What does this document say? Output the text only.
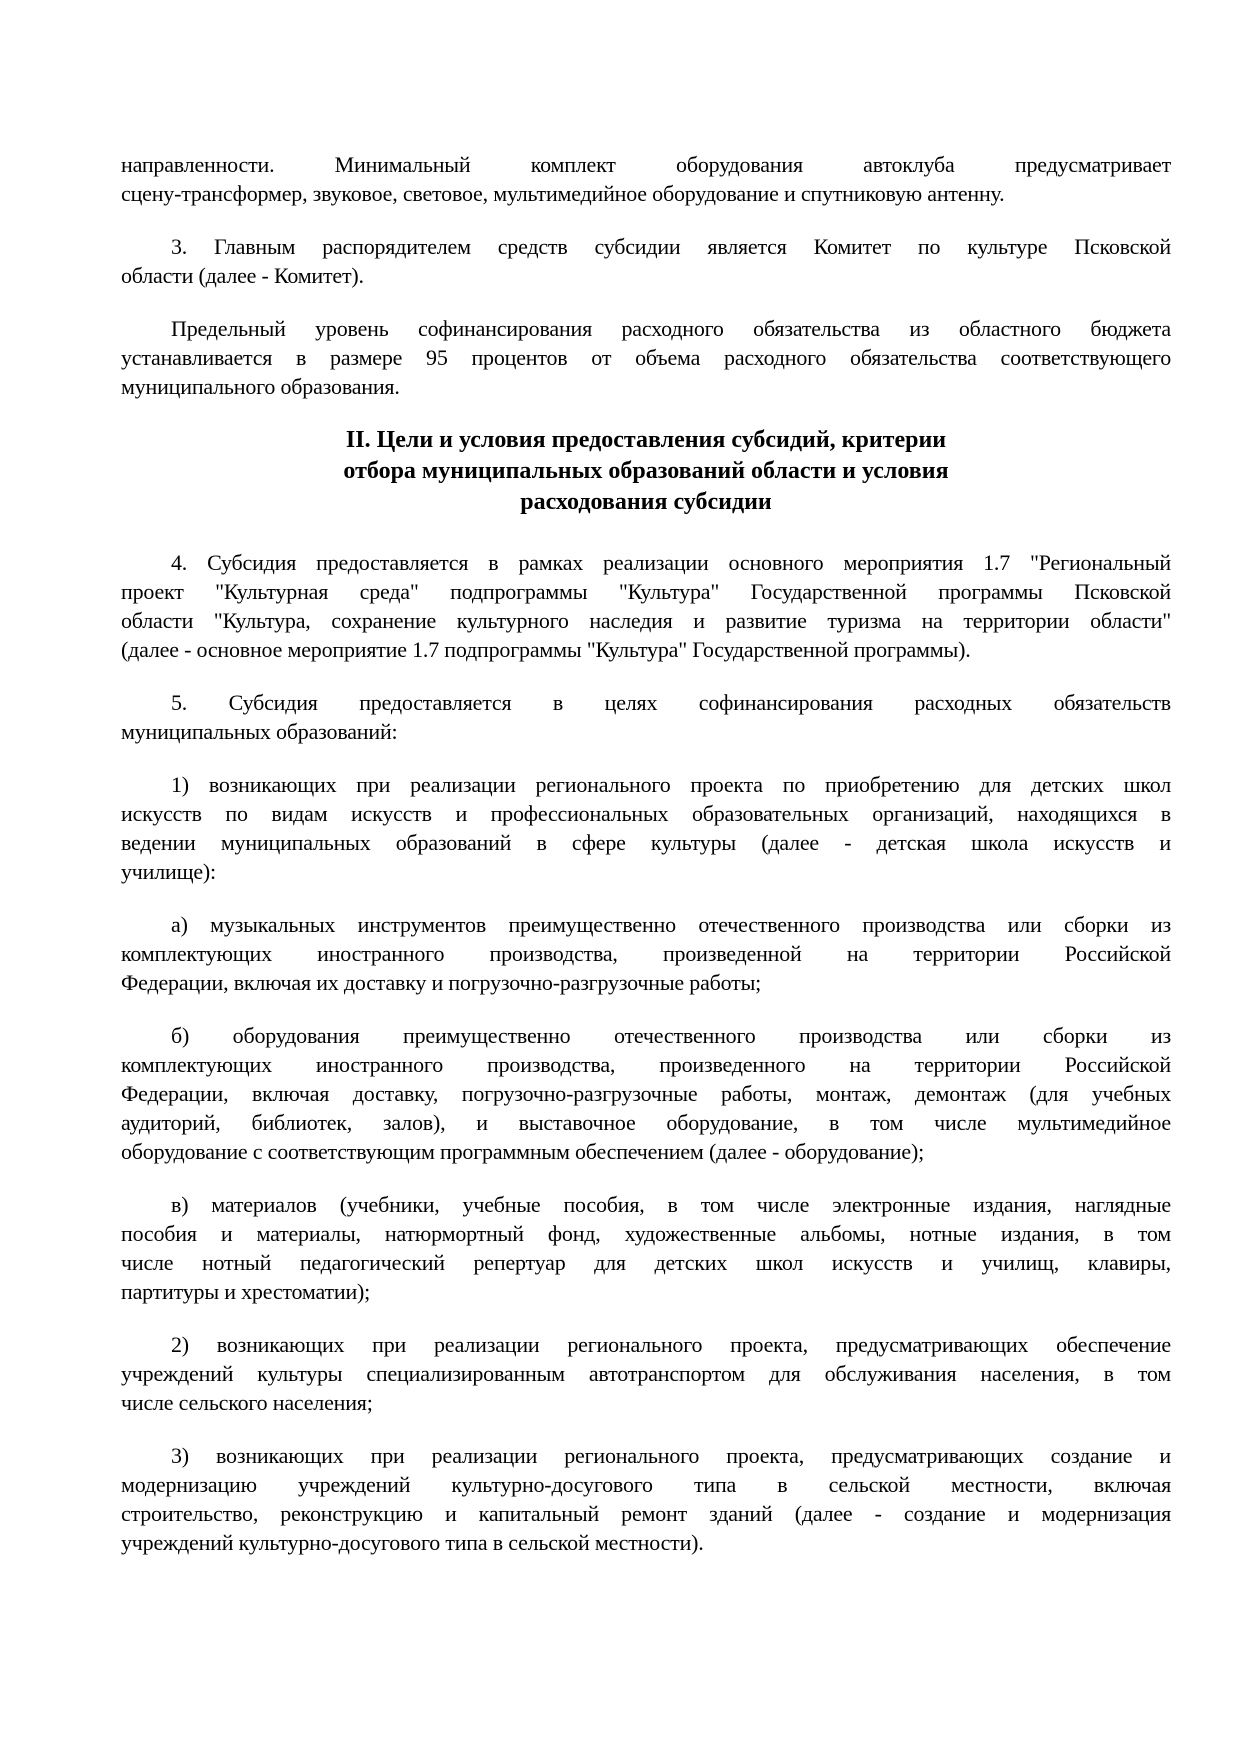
направленности. Минимальный комплект оборудования автоклуба предусматривает
сцену-трансформер, звуковое, световое, мультимедийное оборудование и спутниковую антенну.
3. Главным распорядителем средств субсидии является Комитет по культуре Псковской
области (далее - Комитет).
Предельный уровень софинансирования расходного обязательства из областного бюджета
устанавливается в размере 95 процентов от объема расходного обязательства соответствующего
муниципального образования.
II. Цели и условия предоставления субсидий, критерии
отбора муниципальных образований области и условия
расходования субсидии
4. Субсидия предоставляется в рамках реализации основного мероприятия 1.7 "Региональный
проект "Культурная среда" подпрограммы "Культура" Государственной программы Псковской
области "Культура, сохранение культурного наследия и развитие туризма на территории области"
(далее - основное мероприятие 1.7 подпрограммы "Культура" Государственной программы).
5. Субсидия предоставляется в целях софинансирования расходных обязательств
муниципальных образований:
1) возникающих при реализации регионального проекта по приобретению для детских школ
искусств по видам искусств и профессиональных образовательных организаций, находящихся в
ведении муниципальных образований в сфере культуры (далее - детская школа искусств и
училище):
а) музыкальных инструментов преимущественно отечественного производства или сборки из
комплектующих иностранного производства, произведенной на территории Российской
Федерации, включая их доставку и погрузочно-разгрузочные работы;
б) оборудования преимущественно отечественного производства или сборки из
комплектующих иностранного производства, произведенного на территории Российской
Федерации, включая доставку, погрузочно-разгрузочные работы, монтаж, демонтаж (для учебных
аудиторий, библиотек, залов), и выставочное оборудование, в том числе мультимедийное
оборудование с соответствующим программным обеспечением (далее - оборудование);
в) материалов (учебники, учебные пособия, в том числе электронные издания, наглядные
пособия и материалы, натюрмортный фонд, художественные альбомы, нотные издания, в том
числе нотный педагогический репертуар для детских школ искусств и училищ, клавиры,
партитуры и хрестоматии);
2) возникающих при реализации регионального проекта, предусматривающих обеспечение
учреждений культуры специализированным автотранспортом для обслуживания населения, в том
числе сельского населения;
3) возникающих при реализации регионального проекта, предусматривающих создание и
модернизацию учреждений культурно-досугового типа в сельской местности, включая
строительство, реконструкцию и капитальный ремонт зданий (далее - создание и модернизация
учреждений культурно-досугового типа в сельской местности).
